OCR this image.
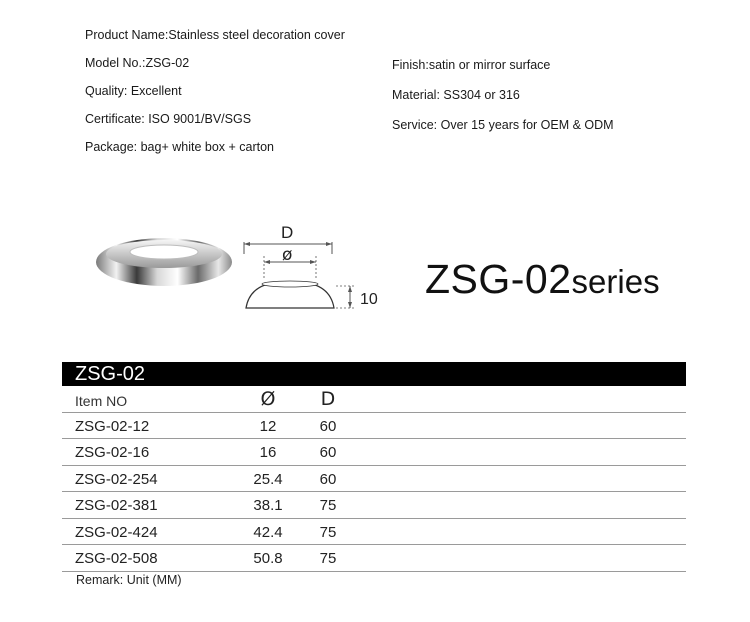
Product Name:Stainless steel decoration cover
Model No.:ZSG-02
Quality: Excellent
Certificate: ISO 9001/BV/SGS
Package: bag+ white box + carton
Finish:satin or mirror surface
Material: SS304 or 316
Service: Over 15 years for OEM & ODM
D
ø
10 ZSG-02series
ZSG-02
Item NO	Ø	D
ZSG-02-12	12	60
ZSG-02-16	16	60
ZSG-02-254	25.4	60
ZSG-02-381	38.1	75
ZSG-02-424	42.4	75
ZSG-02-508	50.8	75
Remark: Unit (MM)
